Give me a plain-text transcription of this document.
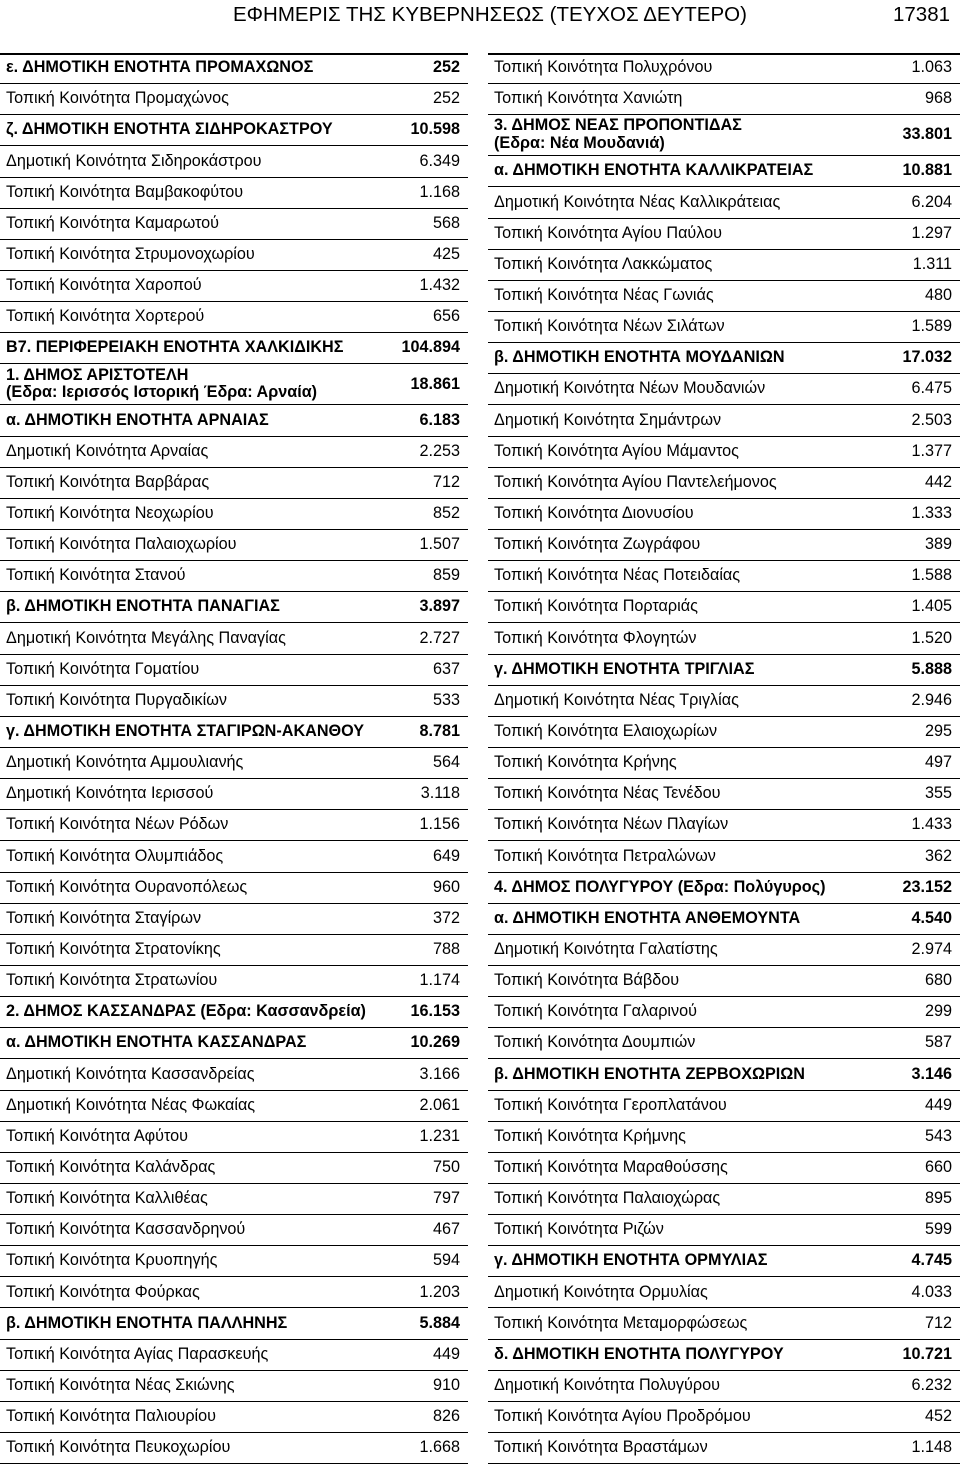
ΕΦΗΜΕΡΙΣ ΤΗΣ ΚΥΒΕΡΝΗΣΕΩΣ (ΤΕΥΧΟΣ ΔΕΥΤΕΡΟ)	17381
ε. ΔΗΜΟΤΙΚΗ ΕΝΟΤΗΤΑ ΠΡΟΜΑΧΩΝΟΣ	252
Τοπική Κοινότητα Προμαχώνος	252
ζ. ΔΗΜΟΤΙΚΗ ΕΝΟΤΗΤΑ ΣΙΔΗΡΟΚΑΣΤΡΟΥ	10.598
Δημοτική Κοινότητα Σιδηροκάστρου	6.349
Τοπική Κοινότητα Βαμβακοφύτου	1.168
Τοπική Κοινότητα Καμαρωτού	568
Τοπική Κοινότητα Στρυμονοχωρίου	425
Τοπική Κοινότητα Χαροπού	1.432
Τοπική Κοινότητα Χορτερού	656
Β7. ΠΕΡΙΦΕΡΕΙΑΚΗ ΕΝΟΤΗΤΑ ΧΑΛΚΙΔΙΚΗΣ	104.894
1. ΔΗΜΟΣ ΑΡΙΣΤΟΤΕΛΗ
(Εδρα: Ιερισσός Ιστορική Έδρα: Αρναία)	18.861
α. ΔΗΜΟΤΙΚΗ ΕΝΟΤΗΤΑ ΑΡΝΑΙΑΣ	6.183
Δημοτική Κοινότητα Αρναίας	2.253
Τοπική Κοινότητα Βαρβάρας	712
Τοπική Κοινότητα Νεοχωρίου	852
Τοπική Κοινότητα Παλαιοχωρίου	1.507
Τοπική Κοινότητα Στανού	859
β. ΔΗΜΟΤΙΚΗ ΕΝΟΤΗΤΑ ΠΑΝΑΓΙΑΣ	3.897
Δημοτική Κοινότητα Μεγάλης Παναγίας	2.727
Τοπική Κοινότητα Γοματίου	637
Τοπική Κοινότητα Πυργαδικίων	533
γ. ΔΗΜΟΤΙΚΗ ΕΝΟΤΗΤΑ ΣΤΑΓΙΡΩΝ-ΑΚΑΝΘΟΥ	8.781
Δημοτική Κοινότητα Αμμουλιανής	564
Δημοτική Κοινότητα Ιερισσού	3.118
Τοπική Κοινότητα Νέων Ρόδων	1.156
Τοπική Κοινότητα Ολυμπιάδος	649
Τοπική Κοινότητα Ουρανοπόλεως	960
Τοπική Κοινότητα Σταγίρων	372
Τοπική Κοινότητα Στρατονίκης	788
Τοπική Κοινότητα Στρατωνίου	1.174
2. ΔΗΜΟΣ ΚΑΣΣΑΝΔΡΑΣ (Εδρα: Κασσανδρεία)	16.153
α. ΔΗΜΟΤΙΚΗ ΕΝΟΤΗΤΑ ΚΑΣΣΑΝΔΡΑΣ	10.269
Δημοτική Κοινότητα Κασσανδρείας	3.166
Δημοτική Κοινότητα Νέας Φωκαίας	2.061
Τοπική Κοινότητα Αφύτου	1.231
Τοπική Κοινότητα Καλάνδρας	750
Τοπική Κοινότητα Καλλιθέας	797
Τοπική Κοινότητα Κασσανδρηνού	467
Τοπική Κοινότητα Κρυοπηγής	594
Τοπική Κοινότητα Φούρκας	1.203
β. ΔΗΜΟΤΙΚΗ ΕΝΟΤΗΤΑ ΠΑΛΛΗΝΗΣ	5.884
Τοπική Κοινότητα Αγίας Παρασκευής	449
Τοπική Κοινότητα Νέας Σκιώνης	910
Τοπική Κοινότητα Παλιουρίου	826
Τοπική Κοινότητα Πευκοχωρίου	1.668
Τοπική Κοινότητα Πολυχρόνου	1.063
Τοπική Κοινότητα Χανιώτη	968
3. ΔΗΜΟΣ ΝΕΑΣ ΠΡΟΠΟΝΤΙΔΑΣ
(Εδρα: Νέα Μουδανιά)	33.801
α. ΔΗΜΟΤΙΚΗ ΕΝΟΤΗΤΑ ΚΑΛΛΙΚΡΑΤΕΙΑΣ	10.881
Δημοτική Κοινότητα Νέας Καλλικράτειας	6.204
Τοπική Κοινότητα Αγίου Παύλου	1.297
Τοπική Κοινότητα Λακκώματος	1.311
Τοπική Κοινότητα Νέας Γωνιάς	480
Τοπική Κοινότητα Νέων Σιλάτων	1.589
β. ΔΗΜΟΤΙΚΗ ΕΝΟΤΗΤΑ ΜΟΥΔΑΝΙΩΝ	17.032
Δημοτική Κοινότητα Νέων Μουδανιών	6.475
Δημοτική Κοινότητα Σημάντρων	2.503
Τοπική Κοινότητα Αγίου Μάμαντος	1.377
Τοπική Κοινότητα Αγίου Παντελεήμονος	442
Τοπική Κοινότητα Διονυσίου	1.333
Τοπική Κοινότητα Ζωγράφου	389
Τοπική Κοινότητα Νέας Ποτειδαίας	1.588
Τοπική Κοινότητα Πορταριάς	1.405
Τοπική Κοινότητα Φλογητών	1.520
γ. ΔΗΜΟΤΙΚΗ ΕΝΟΤΗΤΑ ΤΡΙΓΛΙΑΣ	5.888
Δημοτική Κοινότητα Νέας Τριγλίας	2.946
Τοπική Κοινότητα Ελαιοχωρίων	295
Τοπική Κοινότητα Κρήνης	497
Τοπική Κοινότητα Νέας Τενέδου	355
Τοπική Κοινότητα Νέων Πλαγίων	1.433
Τοπική Κοινότητα Πετραλώνων	362
4. ΔΗΜΟΣ ΠΟΛΥΓΥΡΟΥ (Εδρα: Πολύγυρος)	23.152
α. ΔΗΜΟΤΙΚΗ ΕΝΟΤΗΤΑ ΑΝΘΕΜΟΥΝΤΑ	4.540
Δημοτική Κοινότητα Γαλατίστης	2.974
Τοπική Κοινότητα Βάβδου	680
Τοπική Κοινότητα Γαλαρινού	299
Τοπική Κοινότητα Δουμπιών	587
β. ΔΗΜΟΤΙΚΗ ΕΝΟΤΗΤΑ ΖΕΡΒΟΧΩΡΙΩΝ	3.146
Τοπική Κοινότητα Γεροπλατάνου	449
Τοπική Κοινότητα Κρήμνης	543
Τοπική Κοινότητα Μαραθούσσης	660
Τοπική Κοινότητα Παλαιοχώρας	895
Τοπική Κοινότητα Ριζών	599
γ. ΔΗΜΟΤΙΚΗ ΕΝΟΤΗΤΑ ΟΡΜΥΛΙΑΣ	4.745
Δημοτική Κοινότητα Ορμυλίας	4.033
Τοπική Κοινότητα Μεταμορφώσεως	712
δ. ΔΗΜΟΤΙΚΗ ΕΝΟΤΗΤΑ ΠΟΛΥΓΥΡΟΥ	10.721
Δημοτική Κοινότητα Πολυγύρου	6.232
Τοπική Κοινότητα Αγίου Προδρόμου	452
Τοπική Κοινότητα Βραστάμων	1.148
